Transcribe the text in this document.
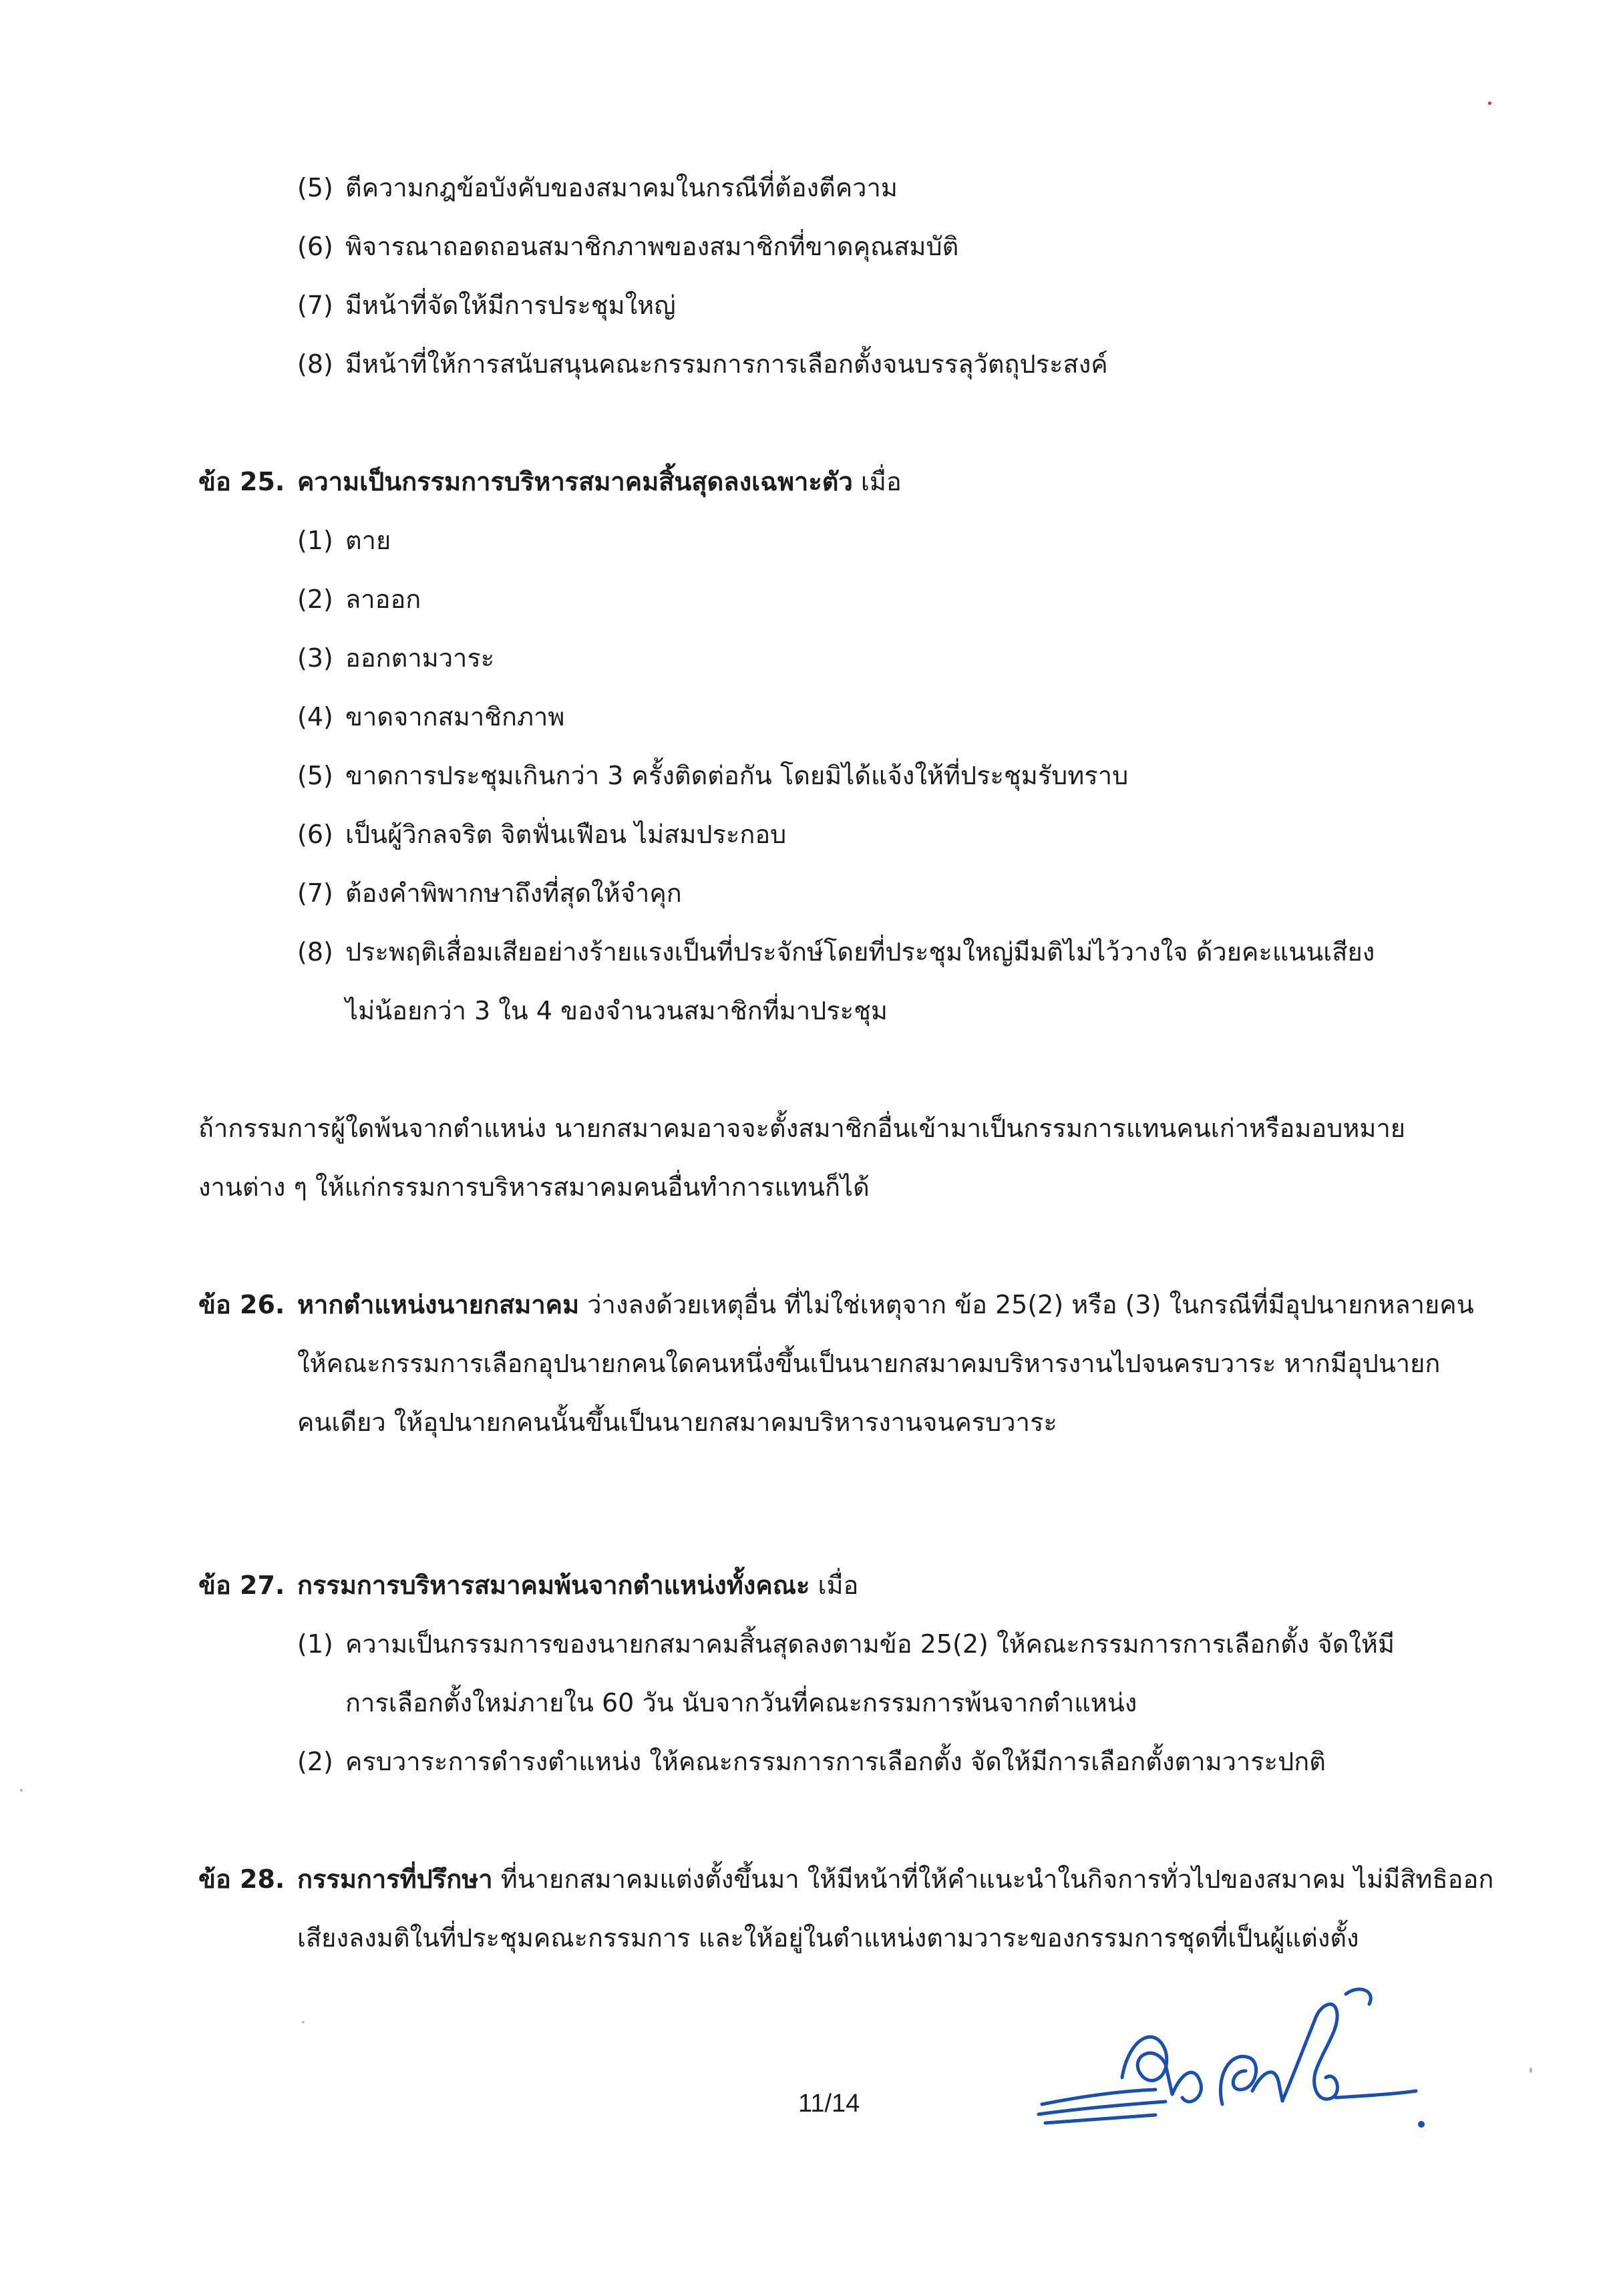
(5) ตีความกฎข้อบังคับของสมาคมในกรณีที่ต้องตีความ
(6) พิจารณาถอดถอนสมาชิกภาพของสมาชิกที่ขาดคุณสมบัติ
(7) มีหน้าที่จัดให้มีการประชุมใหญ่
(8) มีหน้าที่ให้การสนับสนุนคณะกรรมการการเลือกตั้งจนบรรลุวัตถุประสงค์
ข้อ 25. ความเป็นกรรมการบริหารสมาคมสิ้นสุดลงเฉพาะตัว เมื่อ
(1) ตาย
(2) ลาออก
(3) ออกตามวาระ
(4) ขาดจากสมาชิกภาพ
(5) ขาดการประชุมเกินกว่า 3 ครั้งติดต่อกัน โดยมิได้แจ้งให้ที่ประชุมรับทราบ
(6) เป็นผู้วิกลจริต จิตฟั่นเฟือน ไม่สมประกอบ
(7) ต้องคำพิพากษาถึงที่สุดให้จำคุก
(8) ประพฤติเสื่อมเสียอย่างร้ายแรงเป็นที่ประจักษ์โดยที่ประชุมใหญ่มีมติไม่ไว้วางใจ ด้วยคะแนนเสียง
ไม่น้อยกว่า 3 ใน 4 ของจำนวนสมาชิกที่มาประชุม
ถ้ากรรมการผู้ใดพ้นจากตำแหน่ง นายกสมาคมอาจจะตั้งสมาชิกอื่นเข้ามาเป็นกรรมการแทนคนเก่าหรือมอบหมาย
งานต่าง ๆ ให้แก่กรรมการบริหารสมาคมคนอื่นทำการแทนก็ได้
ข้อ 26. หากตำแหน่งนายกสมาคม ว่างลงด้วยเหตุอื่น ที่ไม่ใช่เหตุจาก ข้อ 25(2) หรือ (3) ในกรณีที่มีอุปนายกหลายคน
ให้คณะกรรมการเลือกอุปนายกคนใดคนหนึ่งขึ้นเป็นนายกสมาคมบริหารงานไปจนครบวาระ หากมีอุปนายก
คนเดียว ให้อุปนายกคนนั้นขึ้นเป็นนายกสมาคมบริหารงานจนครบวาระ
ข้อ 27. กรรมการบริหารสมาคมพ้นจากตำแหน่งทั้งคณะ เมื่อ
(1) ความเป็นกรรมการของนายกสมาคมสิ้นสุดลงตามข้อ 25(2) ให้คณะกรรมการการเลือกตั้ง จัดให้มี
การเลือกตั้งใหม่ภายใน 60 วัน นับจากวันที่คณะกรรมการพ้นจากตำแหน่ง
(2) ครบวาระการดำรงตำแหน่ง ให้คณะกรรมการการเลือกตั้ง จัดให้มีการเลือกตั้งตามวาระปกติ
ข้อ 28. กรรมการที่ปรึกษา ที่นายกสมาคมแต่งตั้งขึ้นมา ให้มีหน้าที่ให้คำแนะนำในกิจการทั่วไปของสมาคม ไม่มีสิทธิออก
เสียงลงมติในที่ประชุมคณะกรรมการ และให้อยู่ในตำแหน่งตามวาระของกรรมการชุดที่เป็นผู้แต่งตั้ง
11/14
